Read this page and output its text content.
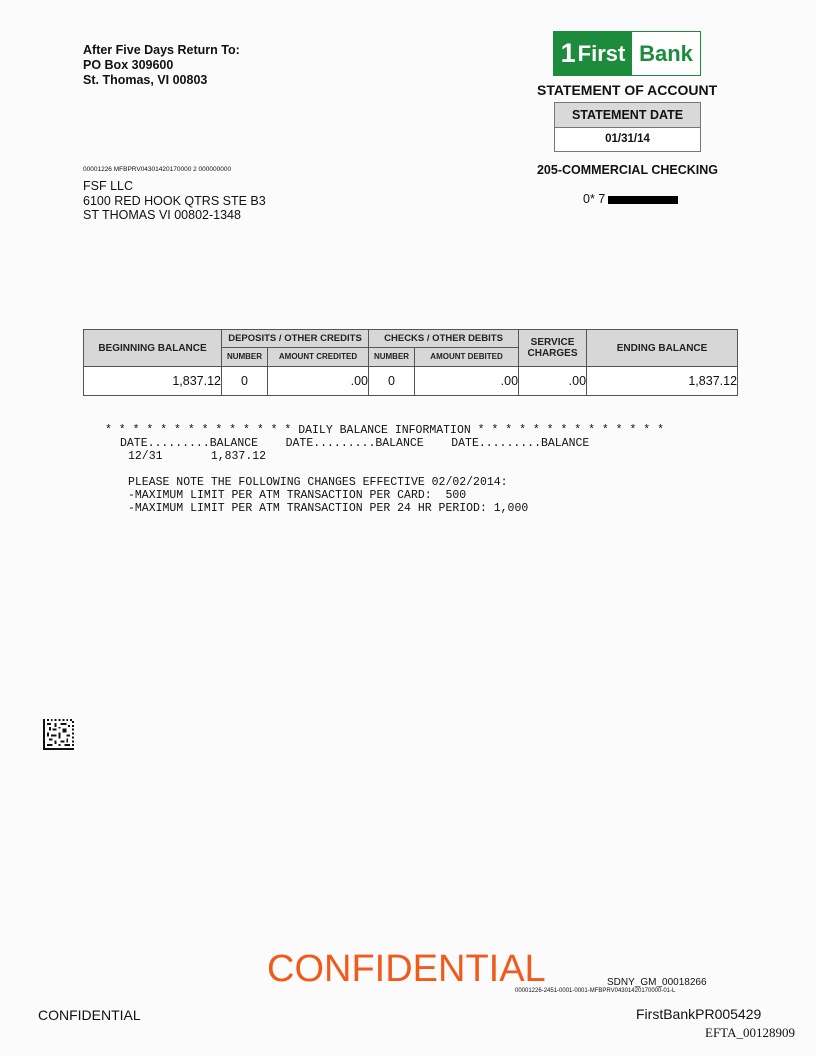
After Five Days Return To:
PO Box 309600
St. Thomas, VI 00803
1 First Bank
STATEMENT OF ACCOUNT
STATEMENT DATE
01/31/14
205-COMMERCIAL CHECKING
0* 7
00001226 MFBPRV04301420170000 2 000000000
FSF LLC
6100 RED HOOK QTRS STE B3
ST THOMAS VI 00802-1348
BEGINNING BALANCE	DEPOSITS / OTHER CREDITS		CHECKS / OTHER DEBITS		SERVICE CHARGES	ENDING BALANCE
	NUMBER	AMOUNT CREDITED	NUMBER	AMOUNT DEBITED		
1,837.12	0	.00	0	.00	.00	1,837.12
* * * * * * * * * * * * * * DAILY BALANCE INFORMATION * * * * * * * * * * * * * *
DATE.........BALANCE    DATE.........BALANCE    DATE.........BALANCE
12/31       1,837.12
PLEASE NOTE THE FOLLOWING CHANGES EFFECTIVE 02/02/2014:
-MAXIMUM LIMIT PER ATM TRANSACTION PER CARD:  500
-MAXIMUM LIMIT PER ATM TRANSACTION PER 24 HR PERIOD: 1,000
CONFIDENTIAL	SDNY_GM_00018266
00001226-2451-0001-0001-MFBPRV04301420170000-01-L
CONFIDENTIAL	FirstBankPR005429
EFTA_00128909
